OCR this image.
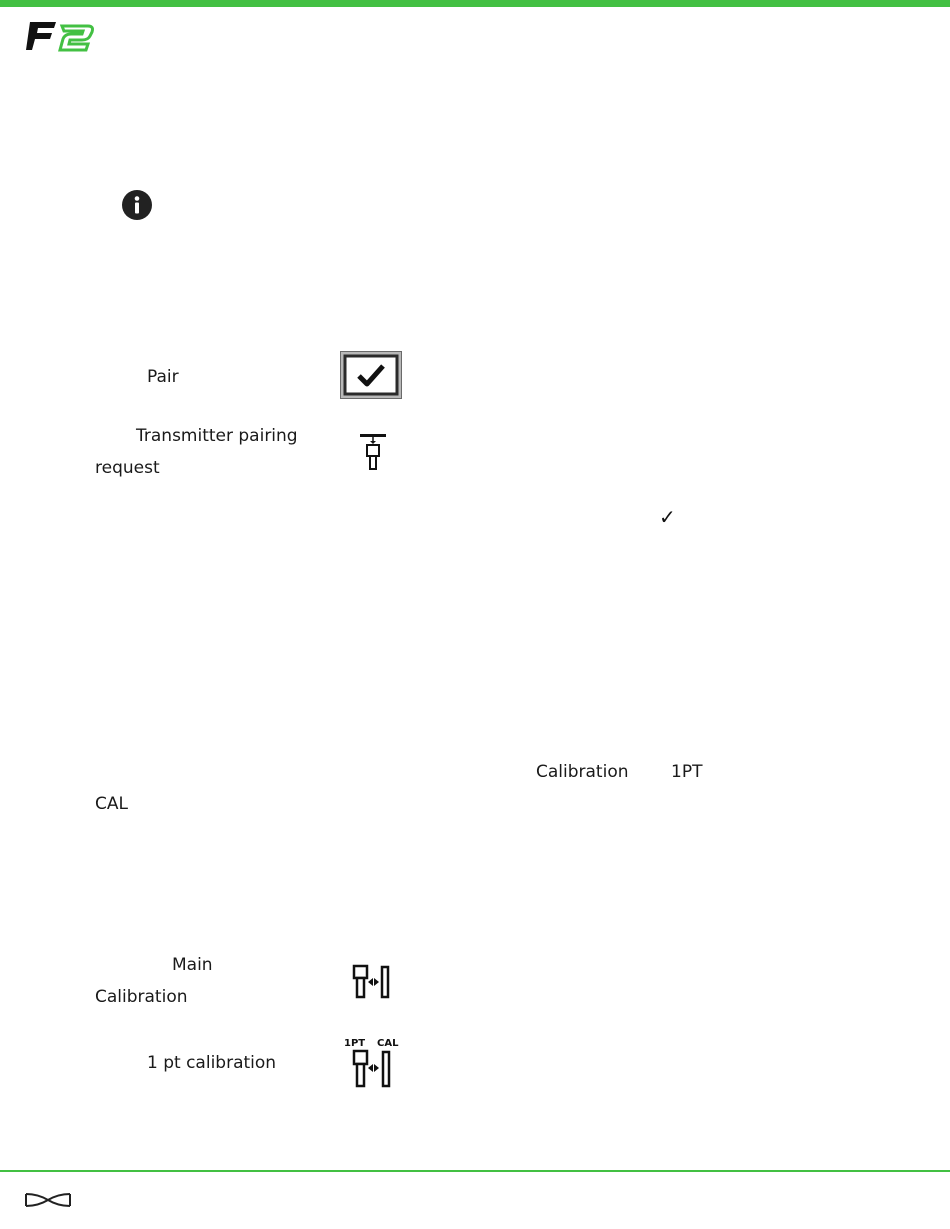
Pair
Transmitter pairing
request
✓
Calibration	1PT
CAL
Main
Calibration
1 pt calibration
1PT CAL
